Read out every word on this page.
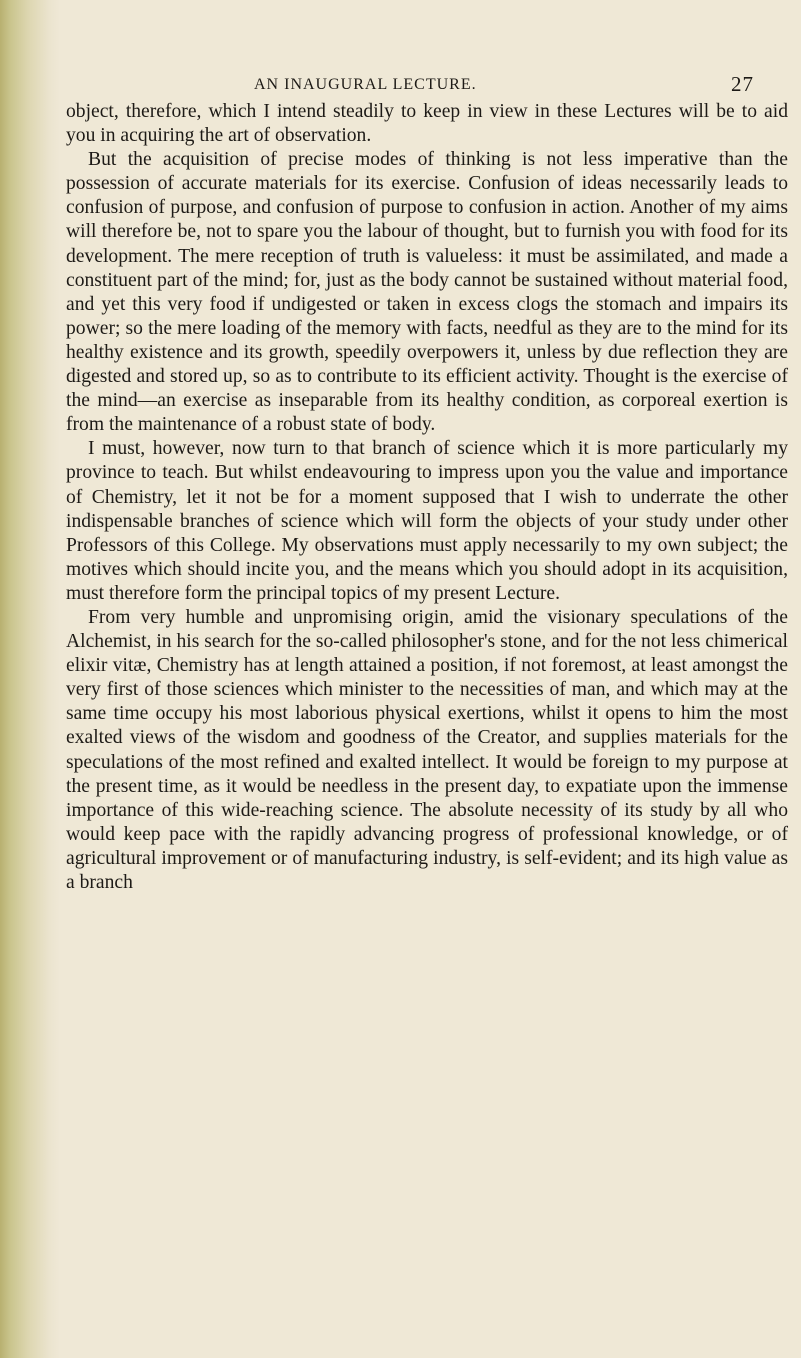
AN INAUGURAL LECTURE.	27

object, therefore, which I intend steadily to keep in view in these Lectures will be to aid you in acquiring the art of observation.

But the acquisition of precise modes of thinking is not less imperative than the possession of accurate materials for its exercise. Confusion of ideas necessarily leads to confusion of purpose, and confusion of purpose to confusion in action. Another of my aims will therefore be, not to spare you the labour of thought, but to furnish you with food for its development. The mere reception of truth is valueless: it must be assimilated, and made a constituent part of the mind; for, just as the body cannot be sustained without material food, and yet this very food if undigested or taken in excess clogs the stomach and impairs its power; so the mere loading of the memory with facts, needful as they are to the mind for its healthy existence and its growth, speedily overpowers it, unless by due reflection they are digested and stored up, so as to contribute to its efficient activity. Thought is the exercise of the mind—an exercise as inseparable from its healthy condition, as corporeal exertion is from the maintenance of a robust state of body.

I must, however, now turn to that branch of science which it is more particularly my province to teach. But whilst endeavouring to impress upon you the value and importance of Chemistry, let it not be for a moment supposed that I wish to underrate the other indispensable branches of science which will form the objects of your study under other Professors of this College. My observations must apply necessarily to my own subject; the motives which should incite you, and the means which you should adopt in its acquisition, must therefore form the principal topics of my present Lecture.

From very humble and unpromising origin, amid the visionary speculations of the Alchemist, in his search for the so-called philosopher's stone, and for the not less chimerical elixir vitæ, Chemistry has at length attained a position, if not foremost, at least amongst the very first of those sciences which minister to the necessities of man, and which may at the same time occupy his most laborious physical exertions, whilst it opens to him the most exalted views of the wisdom and goodness of the Creator, and supplies materials for the speculations of the most refined and exalted intellect. It would be foreign to my purpose at the present time, as it would be needless in the present day, to expatiate upon the immense importance of this wide-reaching science. The absolute necessity of its study by all who would keep pace with the rapidly advancing progress of professional knowledge, or of agricultural improvement or of manufacturing industry, is self-evident; and its high value as a branch
